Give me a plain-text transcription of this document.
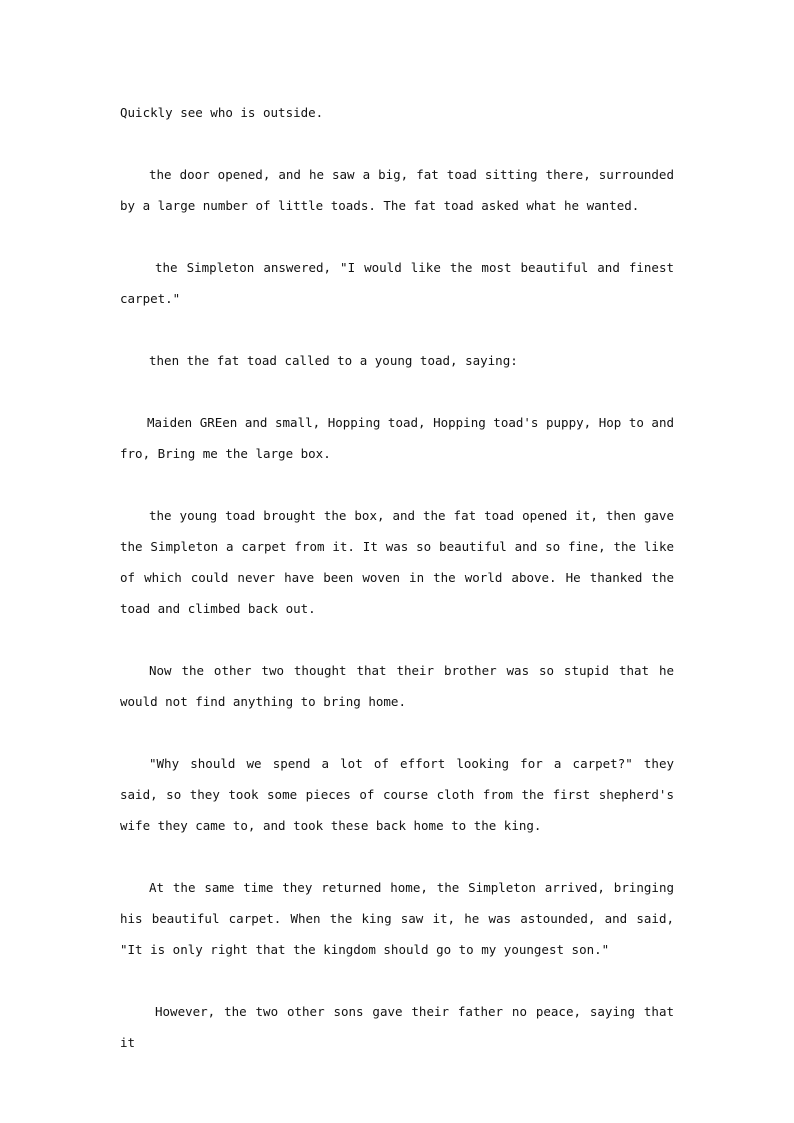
Quickly see who is outside.

the door opened, and he saw a big, fat toad sitting there, surrounded by a large number of little toads. The fat toad asked what he wanted.

the Simpleton answered, "I would like the most beautiful and finest carpet."

then the fat toad called to a young toad, saying:

Maiden GREen and small, Hopping toad, Hopping toad's puppy, Hop to and fro, Bring me the large box.

the young toad brought the box, and the fat toad opened it, then gave the Simpleton a carpet from it. It was so beautiful and so fine, the like of which could never have been woven in the world above. He thanked the toad and climbed back out.

Now the other two thought that their brother was so stupid that he would not find anything to bring home.

"Why should we spend a lot of effort looking for a carpet?" they said, so they took some pieces of course cloth from the first shepherd's wife they came to, and took these back home to the king.

At the same time they returned home, the Simpleton arrived, bringing his beautiful carpet. When the king saw it, he was astounded, and said, "It is only right that the kingdom should go to my youngest son."

However, the two other sons gave their father no peace, saying that it
